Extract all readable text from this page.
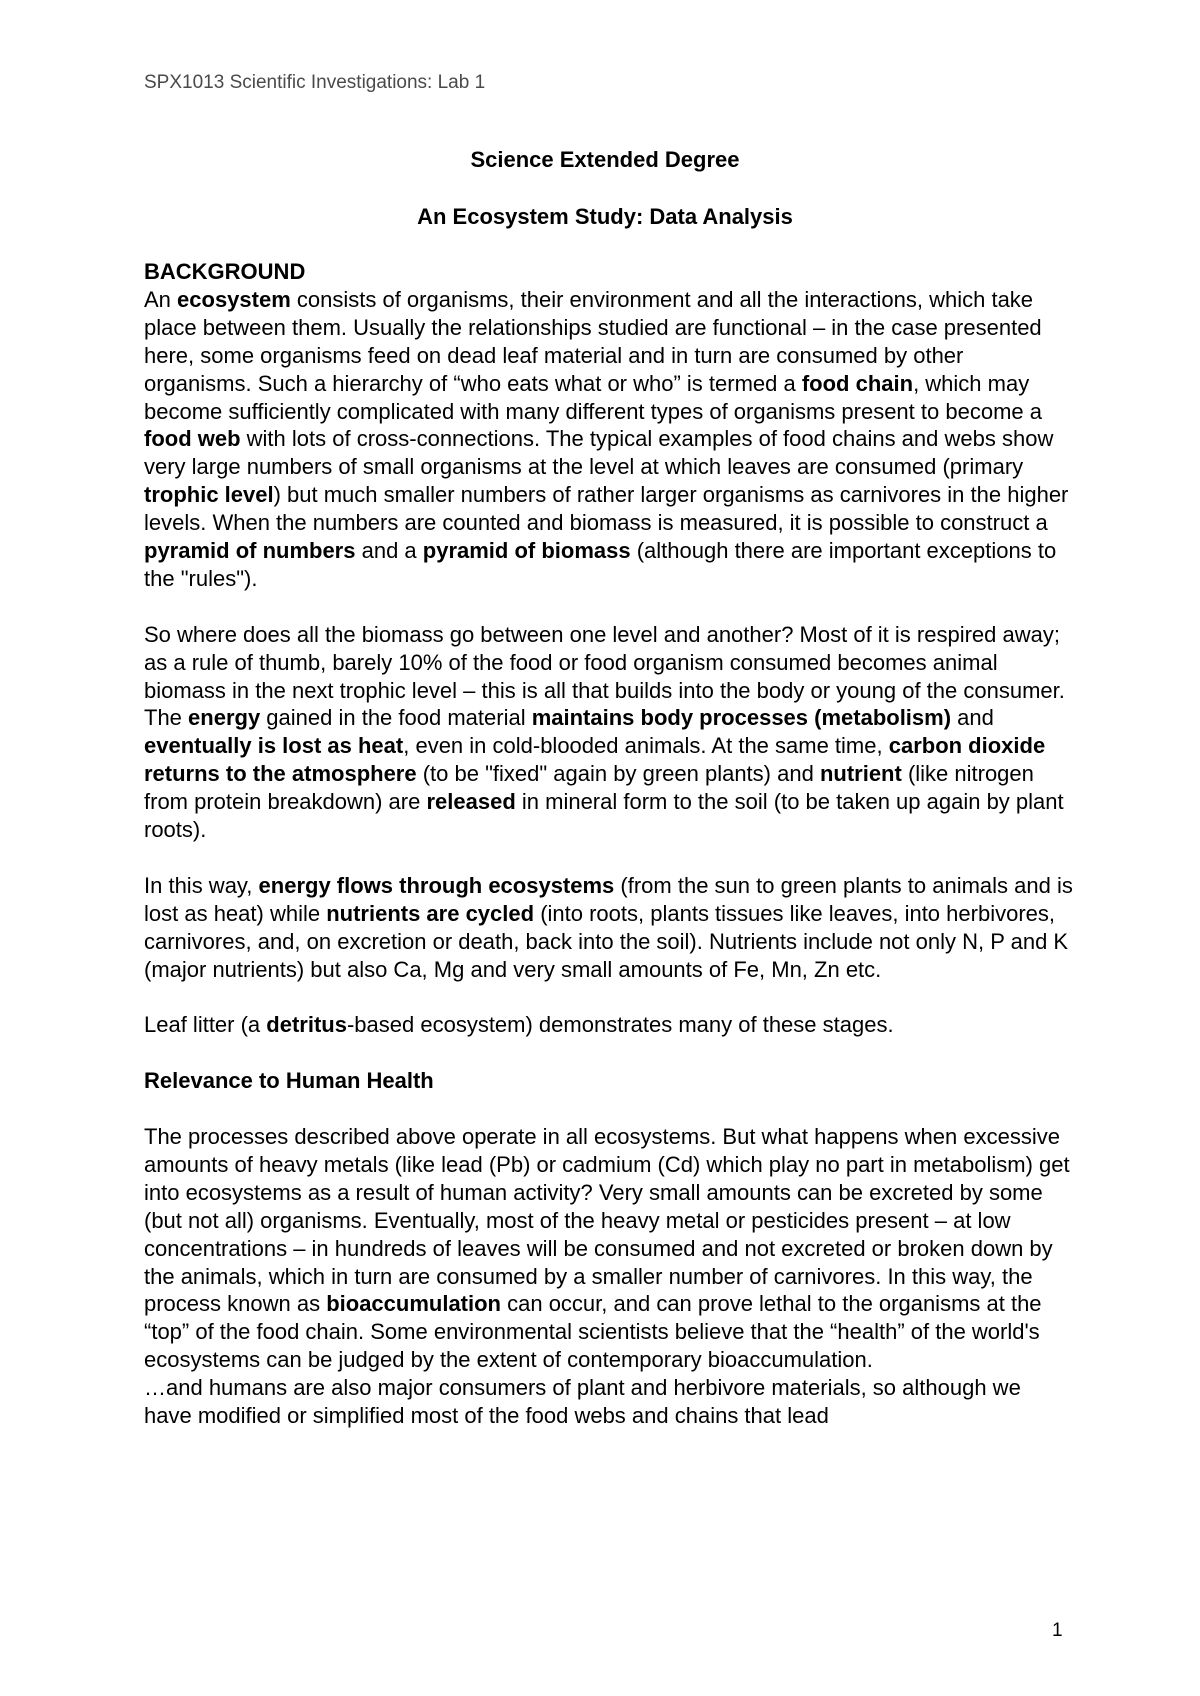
SPX1013 Scientific Investigations: Lab 1

Science Extended Degree
An Ecosystem Study: Data Analysis

BACKGROUND

An ecosystem consists of organisms, their environment and all the interactions, which take place between them. Usually the relationships studied are functional – in the case presented here, some organisms feed on dead leaf material and in turn are consumed by other organisms. Such a hierarchy of “who eats what or who” is termed a food chain, which may become sufficiently complicated with many different types of organisms present to become a food web with lots of cross-connections. The typical examples of food chains and webs show very large numbers of small organisms at the level at which leaves are consumed (primary trophic level) but much smaller numbers of rather larger organisms as carnivores in the higher levels. When the numbers are counted and biomass is measured, it is possible to construct a pyramid of numbers and a pyramid of biomass (although there are important exceptions to the "rules").

So where does all the biomass go between one level and another? Most of it is respired away; as a rule of thumb, barely 10% of the food or food organism consumed becomes animal biomass in the next trophic level – this is all that builds into the body or young of the consumer. The energy gained in the food material maintains body processes (metabolism) and eventually is lost as heat, even in cold-blooded animals. At the same time, carbon dioxide returns to the atmosphere (to be "fixed" again by green plants) and nutrient (like nitrogen from protein breakdown) are released in mineral form to the soil (to be taken up again by plant roots).

In this way, energy flows through ecosystems (from the sun to green plants to animals and is lost as heat) while nutrients are cycled (into roots, plants tissues like leaves, into herbivores, carnivores, and, on excretion or death, back into the soil). Nutrients include not only N, P and K (major nutrients) but also Ca, Mg and very small amounts of Fe, Mn, Zn etc.

Leaf litter (a detritus-based ecosystem) demonstrates many of these stages.

Relevance to Human Health

The processes described above operate in all ecosystems. But what happens when excessive amounts of heavy metals (like lead (Pb) or cadmium (Cd) which play no part in metabolism) get into ecosystems as a result of human activity? Very small amounts can be excreted by some (but not all) organisms. Eventually, most of the heavy metal or pesticides present – at low concentrations – in hundreds of leaves will be consumed and not excreted or broken down by the animals, which in turn are consumed by a smaller number of carnivores. In this way, the process known as bioaccumulation can occur, and can prove lethal to the organisms at the “top” of the food chain. Some environmental scientists believe that the “health” of the world's ecosystems can be judged by the extent of contemporary bioaccumulation.

…and humans are also major consumers of plant and herbivore materials, so although we have modified or simplified most of the food webs and chains that lead

1
